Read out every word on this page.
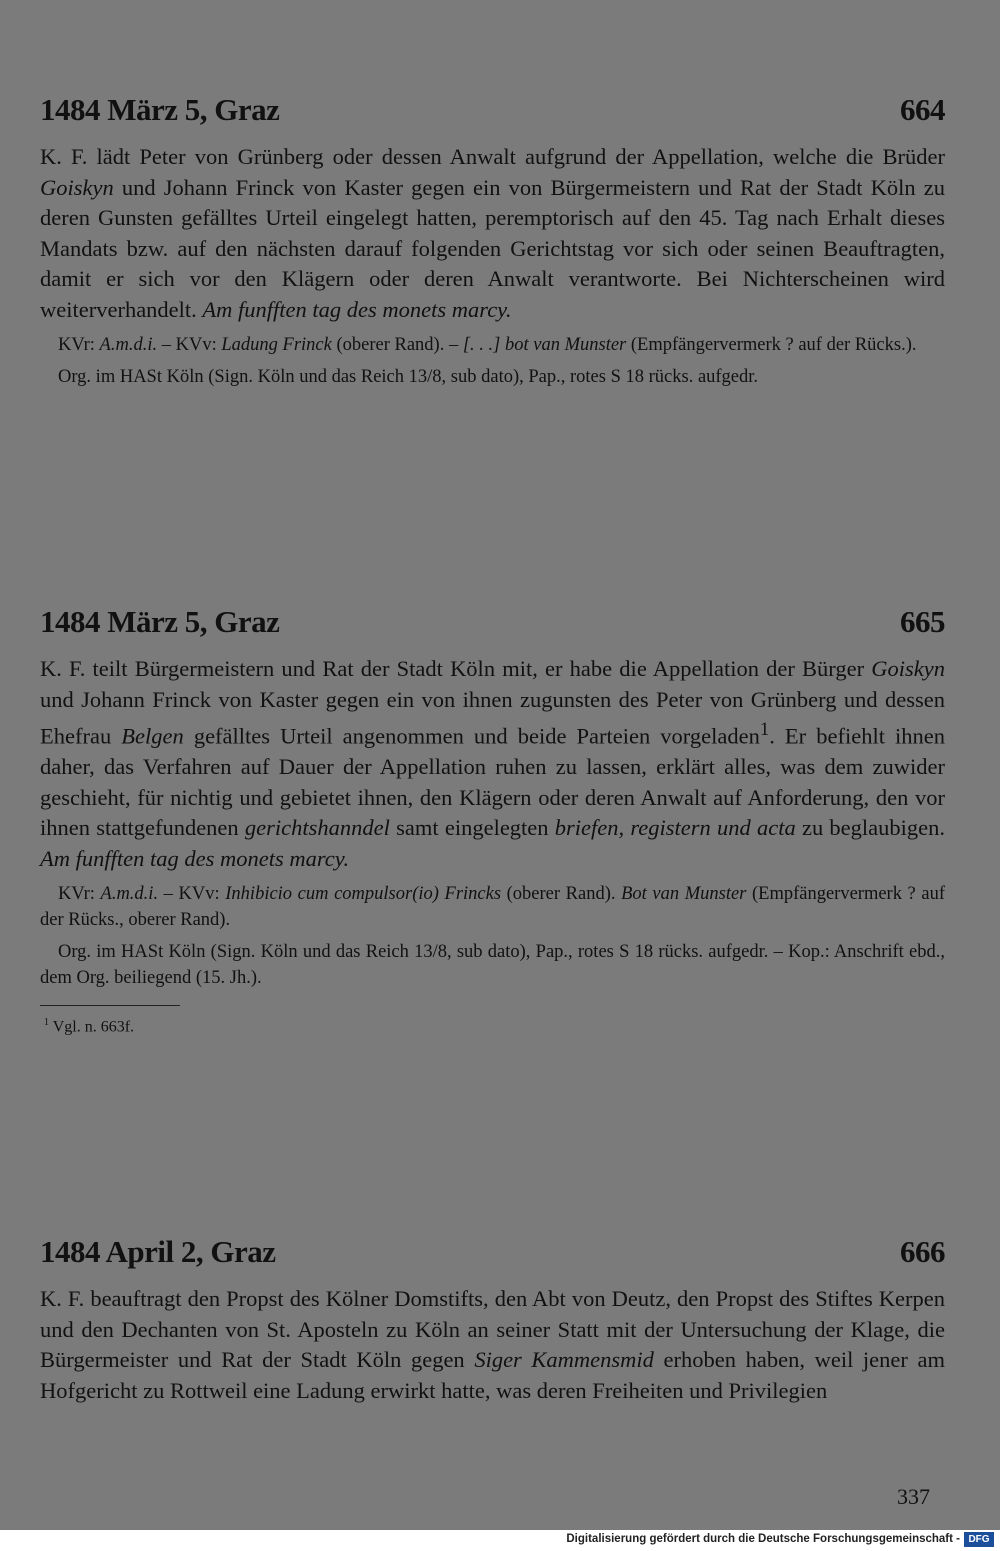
1484 März 5, Graz	664
K. F. lädt Peter von Grünberg oder dessen Anwalt aufgrund der Appellation, welche die Brüder Goiskyn und Johann Frinck von Kaster gegen ein von Bürgermeistern und Rat der Stadt Köln zu deren Gunsten gefälltes Urteil eingelegt hatten, peremptorisch auf den 45. Tag nach Erhalt dieses Mandats bzw. auf den nächsten darauf folgenden Gerichtstag vor sich oder seinen Beauftragten, damit er sich vor den Klägern oder deren Anwalt verantworte. Bei Nichterscheinen wird weiterverhandelt. Am funfften tag des monets marcy.
KVr: A.m.d.i. – KVv: Ladung Frinck (oberer Rand). – [. . .] bot van Munster (Empfängervermerk ? auf der Rücks.).
Org. im HASt Köln (Sign. Köln und das Reich 13/8, sub dato), Pap., rotes S 18 rücks. aufgedr.
1484 März 5, Graz	665
K. F. teilt Bürgermeistern und Rat der Stadt Köln mit, er habe die Appellation der Bürger Goiskyn und Johann Frinck von Kaster gegen ein von ihnen zugunsten des Peter von Grünberg und dessen Ehefrau Belgen gefälltes Urteil angenommen und beide Parteien vorgeladen$^1$. Er befiehlt ihnen daher, das Verfahren auf Dauer der Appellation ruhen zu lassen, erklärt alles, was dem zuwider geschieht, für nichtig und gebietet ihnen, den Klägern oder deren Anwalt auf Anforderung, den vor ihnen stattgefundenen gerichtshanndel samt eingelegten briefen, registern und acta zu beglaubigen. Am funfften tag des monets marcy.
KVr: A.m.d.i. – KVv: Inhibicio cum compulsor(io) Frincks (oberer Rand). Bot van Munster (Empfängervermerk ? auf der Rücks., oberer Rand).
Org. im HASt Köln (Sign. Köln und das Reich 13/8, sub dato), Pap., rotes S 18 rücks. aufgedr. – Kop.: Anschrift ebd., dem Org. beiliegend (15. Jh.).
$^1$ Vgl. n. 663f.
1484 April 2, Graz	666
K. F. beauftragt den Propst des Kölner Domstifts, den Abt von Deutz, den Propst des Stiftes Kerpen und den Dechanten von St. Aposteln zu Köln an seiner Statt mit der Untersuchung der Klage, die Bürgermeister und Rat der Stadt Köln gegen Siger Kammensmid erhoben haben, weil jener am Hofgericht zu Rottweil eine Ladung erwirkt hatte, was deren Freiheiten und Privilegien
337
Digitalisierung gefördert durch die Deutsche Forschungsgemeinschaft - DFG
